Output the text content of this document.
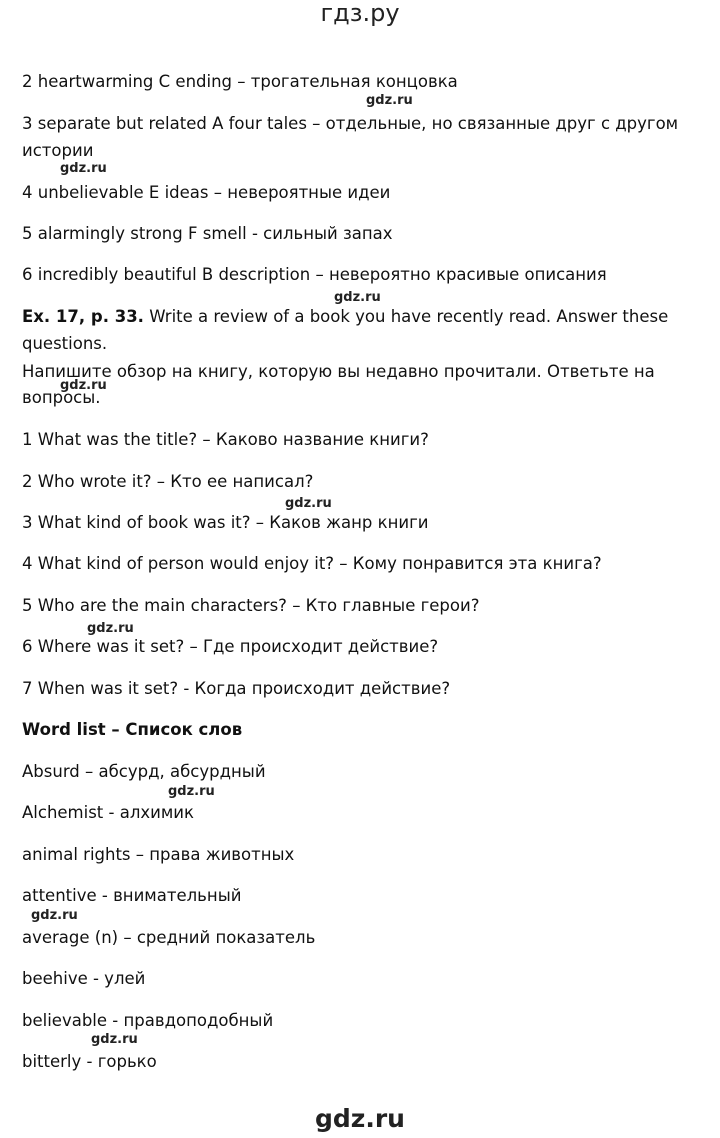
гдз.ру
2 heartwarming C ending – трогательная концовка
3 separate but related A four tales – отдельные, но связанные друг с другом
истории
4 unbelievable E ideas – невероятные идеи
5 alarmingly strong F smell - сильный запах
6 incredibly beautiful B description – невероятно красивые описания
Ex. 17, p. 33. Write a review of a book you have recently read. Answer these
questions.
Напишите обзор на книгу, которую вы недавно прочитали. Ответьте на
вопросы.
1 What was the title? – Каково название книги?
2 Who wrote it? – Кто ее написал?
3 What kind of book was it? – Каков жанр книги
4 What kind of person would enjoy it? – Кому понравится эта книга?
5 Who are the main characters? – Кто главные герои?
6 Where was it set? – Где происходит действие?
7 When was it set? - Когда происходит действие?
Word list – Список слов
Absurd – абсурд, абсурдный
Alchemist - алхимик
animal rights – права животных
attentive - внимательный
average (n) – средний показатель
beehive - улей
believable - правдоподобный
bitterly - горько
gdz.ru
gdz.ru
gdz.ru
gdz.ru
gdz.ru
gdz.ru
gdz.ru
gdz.ru
gdz.ru
gdz.ru
